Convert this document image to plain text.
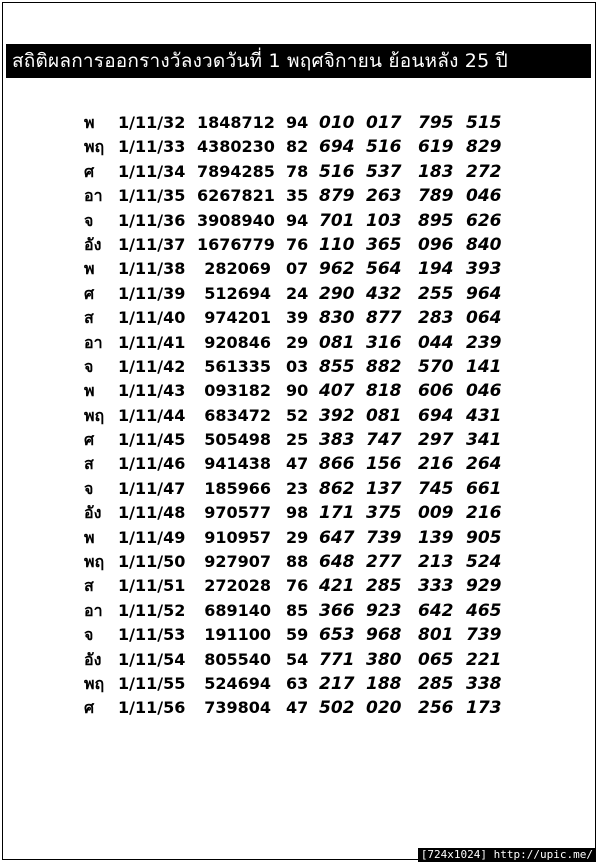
สถิติผลการออกรางวัลงวดวันที่ 1 พฤศจิกายน ย้อนหลัง 25 ปี
พ 1/11/32 1848712 94 010 017 795 515
พฤ 1/11/33 4380230 82 694 516 619 829
ศ 1/11/34 7894285 78 516 537 183 272
อา 1/11/35 6267821 35 879 263 789 046
จ 1/11/36 3908940 94 701 103 895 626
อัง 1/11/37 1676779 76 110 365 096 840
พ 1/11/38	282069 07 962 564 194 393
ศ 1/11/39	512694 24 290 432 255 964
ส 1/11/40	974201 39 830 877 283 064
อา 1/11/41	920846 29 081 316 044 239
จ 1/11/42	561335 03 855 882 570 141
พ 1/11/43	093182 90 407 818 606 046
พฤ 1/11/44	683472 52 392 081 694 431
ศ 1/11/45	505498 25 383 747 297 341
ส 1/11/46	941438 47 866 156 216 264
จ 1/11/47	185966 23 862 137 745 661
อัง 1/11/48	970577 98 171 375 009 216
พ 1/11/49	910957 29 647 739 139 905
พฤ 1/11/50	927907 88 648 277 213 524
ส 1/11/51	272028 76 421 285 333 929
อา 1/11/52	689140 85 366 923 642 465
จ 1/11/53	191100 59 653 968 801 739
อัง 1/11/54	805540 54 771 380 065 221
พฤ 1/11/55	524694 63 217 188 285 338
ศ 1/11/56	739804 47 502 020 256 173
[724x1024] http://upic.me/
